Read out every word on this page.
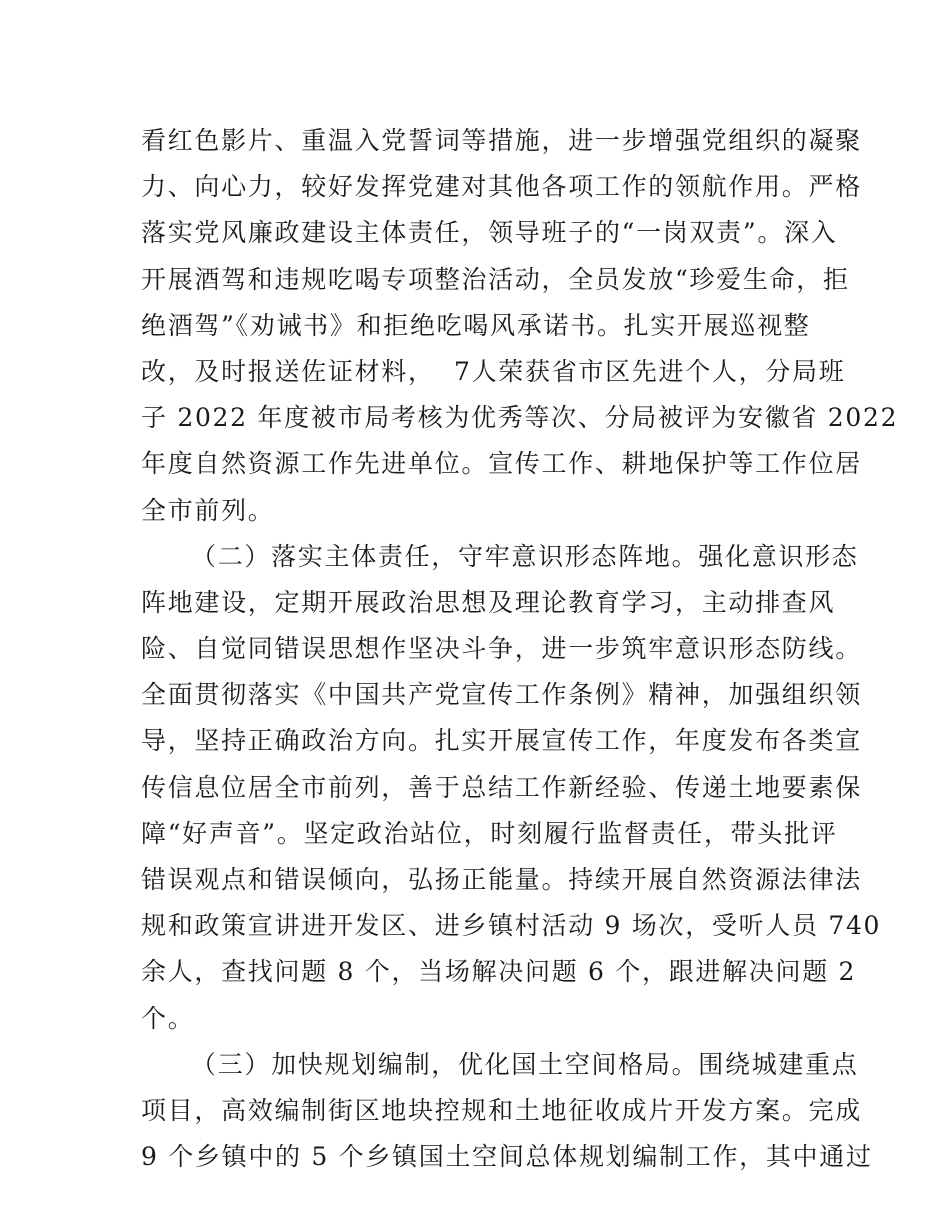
看红色影片、重温入党誓词等措施，进一步增强党组织的凝聚
力、向心力，较好发挥党建对其他各项工作的领航作用。严格
落实党风廉政建设主体责任，领导班子的“一岗双责”。深入
开展酒驾和违规吃喝专项整治活动，全员发放“珍爱生命，拒
绝酒驾”《劝诫书》和拒绝吃喝风承诺书。扎实开展巡视整
改，及时报送佐证材料，  7人荣获省市区先进个人，分局班
子 2022 年度被市局考核为优秀等次、分局被评为安徽省 2022
年度自然资源工作先进单位。宣传工作、耕地保护等工作位居
全市前列。
（二）落实主体责任，守牢意识形态阵地。强化意识形态
阵地建设，定期开展政治思想及理论教育学习，主动排查风
险、自觉同错误思想作坚决斗争，进一步筑牢意识形态防线。
全面贯彻落实《中国共产党宣传工作条例》精神，加强组织领
导，坚持正确政治方向。扎实开展宣传工作，年度发布各类宣
传信息位居全市前列，善于总结工作新经验、传递土地要素保
障“好声音”。坚定政治站位，时刻履行监督责任，带头批评
错误观点和错误倾向，弘扬正能量。持续开展自然资源法律法
规和政策宣讲进开发区、进乡镇村活动 9 场次，受听人员 740
余人，查找问题 8 个，当场解决问题 6 个，跟进解决问题 2
个。
（三）加快规划编制，优化国土空间格局。围绕城建重点
项目，高效编制街区地块控规和土地征收成片开发方案。完成
9 个乡镇中的 5 个乡镇国土空间总体规划编制工作，其中通过
